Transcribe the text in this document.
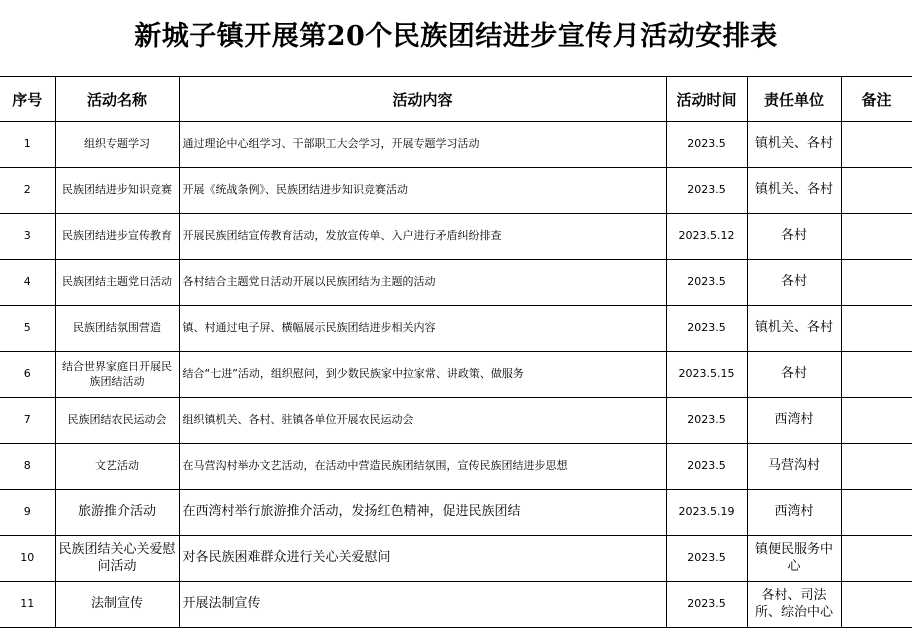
新城子镇开展第20个民族团结进步宣传月活动安排表
序号	活动名称	活动内容	活动时间	责任单位	备注
1	组织专题学习	通过理论中心组学习、干部职工大会学习，开展专题学习活动	2023.5	镇机关、各村	
2	民族团结进步知识竞赛	开展《统战条例》、民族团结进步知识竞赛活动	2023.5	镇机关、各村	
3	民族团结进步宣传教育	开展民族团结宣传教育活动，发放宣传单、入户进行矛盾纠纷排查	2023.5.12	各村	
4	民族团结主题党日活动	各村结合主题党日活动开展以民族团结为主题的活动	2023.5	各村	
5	民族团结氛围营造	镇、村通过电子屏、横幅展示民族团结进步相关内容	2023.5	镇机关、各村	
6	结合世界家庭日开展民族团结活动	结合“七进”活动，组织慰问，到少数民族家中拉家常、讲政策、做服务	2023.5.15	各村	
7	民族团结农民运动会	组织镇机关、各村、驻镇各单位开展农民运动会	2023.5	西湾村	
8	文艺活动	在马营沟村举办文艺活动，在活动中营造民族团结氛围，宣传民族团结进步思想	2023.5	马营沟村	
9	旅游推介活动	在西湾村举行旅游推介活动，发扬红色精神，促进民族团结	2023.5.19	西湾村	
10	民族团结关心关爱慰问活动	对各民族困难群众进行关心关爱慰问	2023.5	镇便民服务中心	
11	法制宣传	开展法制宣传	2023.5	各村、司法所、综治中心	
